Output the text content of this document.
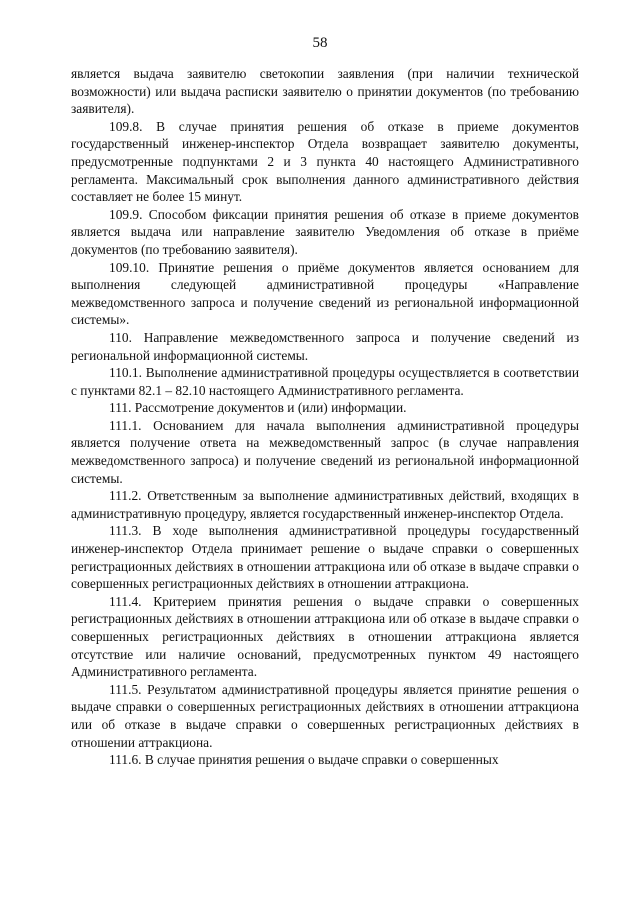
58

является выдача заявителю светокопии заявления (при наличии технической возможности) или выдача расписки заявителю о принятии документов (по требованию заявителя).

109.8. В случае принятия решения об отказе в приеме документов государственный инженер-инспектор Отдела возвращает заявителю документы, предусмотренные подпунктами 2 и 3 пункта 40 настоящего Административного регламента. Максимальный срок выполнения данного административного действия составляет не более 15 минут.

109.9. Способом фиксации принятия решения об отказе в приеме документов является выдача или направление заявителю Уведомления об отказе в приёме документов (по требованию заявителя).

109.10. Принятие решения о приёме документов является основанием для выполнения следующей административной процедуры «Направление межведомственного запроса и получение сведений из региональной информационной системы».

110. Направление межведомственного запроса и получение сведений из региональной информационной системы.

110.1. Выполнение административной процедуры осуществляется в соответствии с пунктами 82.1 – 82.10 настоящего Административного регламента.

111. Рассмотрение документов и (или) информации.

111.1. Основанием для начала выполнения административной процедуры является получение ответа на межведомственный запрос (в случае направления межведомственного запроса) и получение сведений из региональной информационной системы.

111.2. Ответственным за выполнение административных действий, входящих в административную процедуру, является государственный инженер-инспектор Отдела.

111.3. В ходе выполнения административной процедуры государственный инженер-инспектор Отдела принимает решение о выдаче справки о совершенных регистрационных действиях в отношении аттракциона или об отказе в выдаче справки о совершенных регистрационных действиях в отношении аттракциона.

111.4. Критерием принятия решения о выдаче справки о совершенных регистрационных действиях в отношении аттракциона или об отказе в выдаче справки о совершенных регистрационных действиях в отношении аттракциона является отсутствие или наличие оснований, предусмотренных пунктом 49 настоящего Административного регламента.

111.5. Результатом административной процедуры является принятие решения о выдаче справки о совершенных регистрационных действиях в отношении аттракциона или об отказе в выдаче справки о совершенных регистрационных действиях в отношении аттракциона.

111.6. В случае принятия решения о выдаче справки о совершенных
